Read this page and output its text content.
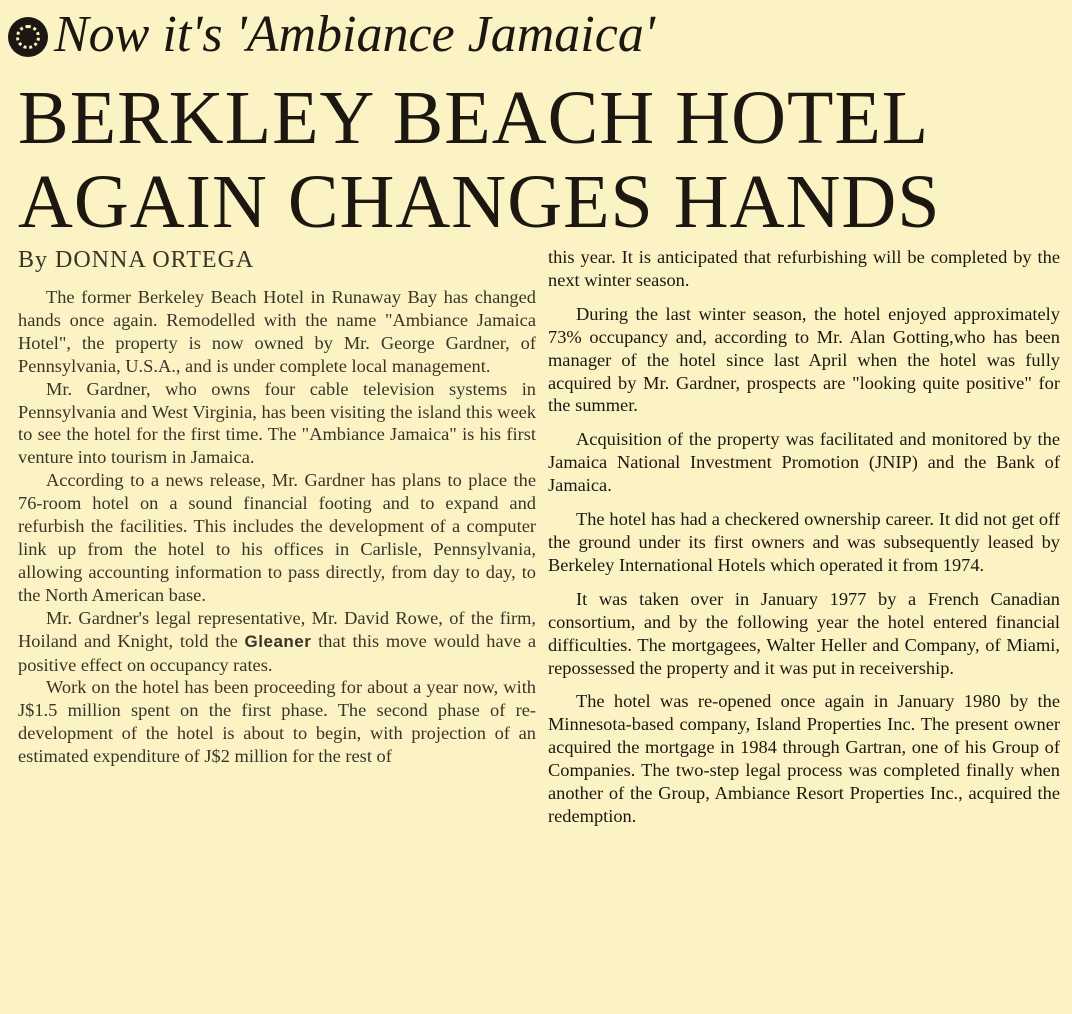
Now it's 'Ambiance Jamaica'
BERKLEY BEACH HOTEL
AGAIN CHANGES HANDS
By DONNA ORTEGA

The former Berkeley Beach Hotel in Runaway Bay has changed hands once again. Remodelled with the name "Ambiance Jamaica Hotel", the property is now owned by Mr. George Gardner, of Pennsylvania, U.S.A., and is under complete local management.

Mr. Gardner, who owns four cable television systems in Pennsylvania and West Virginia, has been visiting the island this week to see the hotel for the first time. The "Ambiance Jamaica" is his first venture into tourism in Jamaica.

According to a news release, Mr. Gardner has plans to place the 76-room hotel on a sound financial footing and to expand and refurbish the facilities. This includes the development of a computer link up from the hotel to his offices in Carlisle, Pennsylvania, allowing accounting information to pass directly, from day to day, to the North American base.

Mr. Gardner's legal representative, Mr. David Rowe, of the firm, Hoiland and Knight, told the Gleaner that this move would have a positive effect on occupancy rates.

Work on the hotel has been proceeding for about a year now, with J$1.5 million spent on the first phase. The second phase of re-development of the hotel is about to begin, with projection of an estimated expenditure of J$2 million for the rest of

this year. It is anticipated that refurbishing will be completed by the next winter season.

During the last winter season, the hotel enjoyed approximately 73% occupancy and, according to Mr. Alan Gotting,who has been manager of the hotel since last April when the hotel was fully acquired by Mr. Gardner, prospects are "looking quite positive" for the summer.

Acquisition of the property was facilitated and monitored by the Jamaica National Investment Promotion (JNIP) and the Bank of Jamaica.

The hotel has had a checkered ownership career. It did not get off the ground under its first owners and was subsequently leased by Berkeley International Hotels which operated it from 1974.

It was taken over in January 1977 by a French Canadian consortium, and by the following year the hotel entered financial difficulties. The mortgagees, Walter Heller and Company, of Miami, repossessed the property and it was put in receivership.

The hotel was re-opened once again in January 1980 by the Minnesota-based company, Island Properties Inc. The present owner acquired the mortgage in 1984 through Gartran, one of his Group of Companies. The two-step legal process was completed finally when another of the Group, Ambiance Resort Properties Inc., acquired the redemption.
